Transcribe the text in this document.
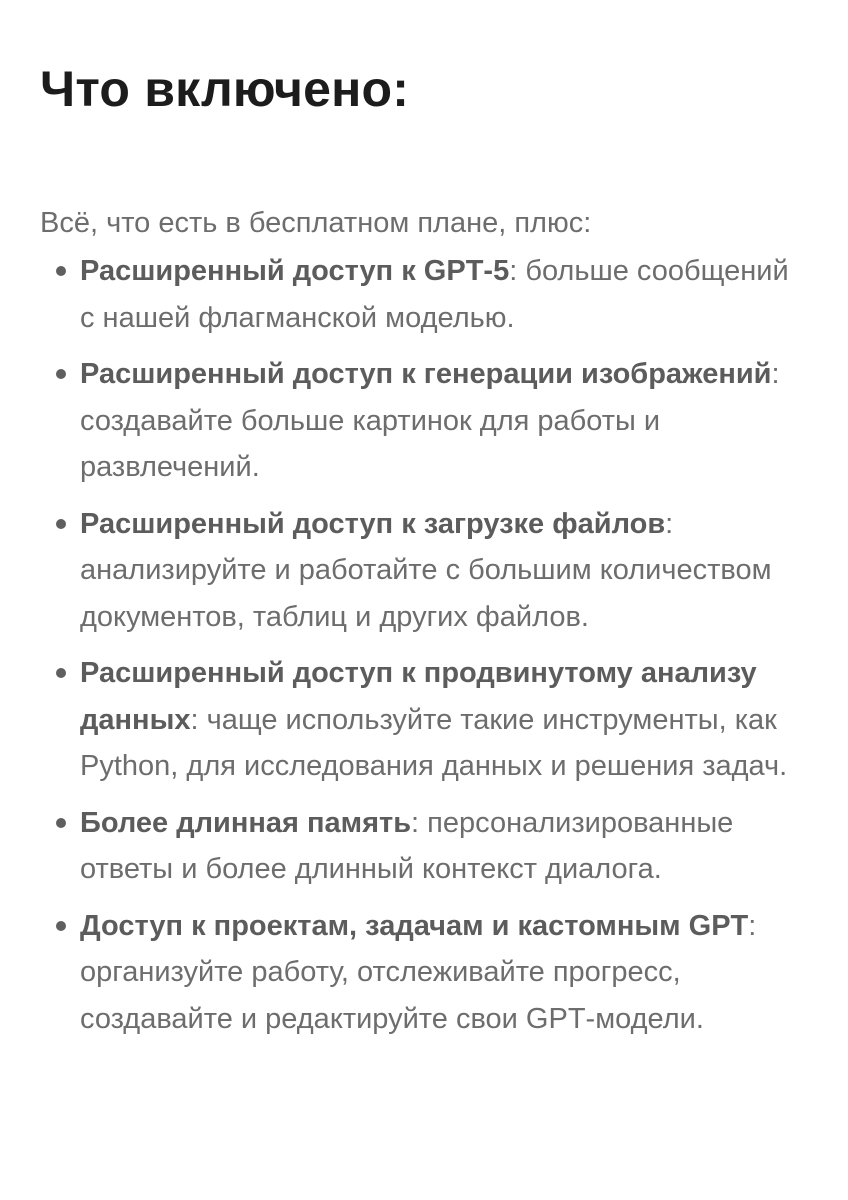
Что включено:

Всё, что есть в бесплатном плане, плюс:

Расширенный доступ к GPT‑5: больше сообщений с нашей флагманской моделью.
Расширенный доступ к генерации изображений: создавайте больше картинок для работы и развлечений.
Расширенный доступ к загрузке файлов: анализируйте и работайте с большим количеством документов, таблиц и других файлов.
Расширенный доступ к продвинутому анализу данных: чаще используйте такие инструменты, как Python, для исследования данных и решения задач.
Более длинная память: персонализированные ответы и более длинный контекст диалога.
Доступ к проектам, задачам и кастомным GPT: организуйте работу, отслеживайте прогресс, создавайте и редактируйте свои GPT‑модели.
